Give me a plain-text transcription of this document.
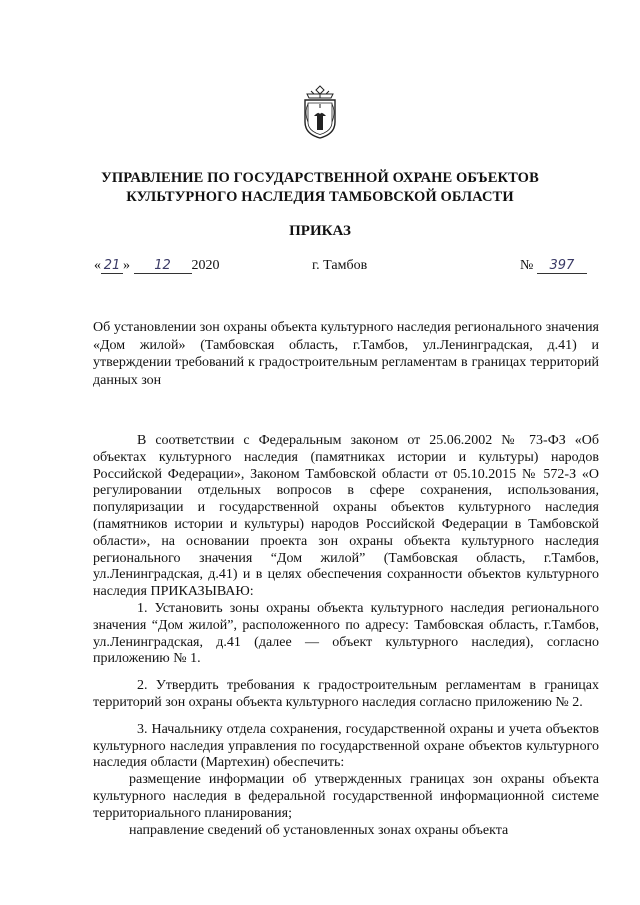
УПРАВЛЕНИЕ ПО ГОСУДАРСТВЕННОЙ ОХРАНЕ ОБЪЕКТОВ
КУЛЬТУРНОГО НАСЛЕДИЯ ТАМБОВСКОЙ ОБЛАСТИ
ПРИКАЗ
« 21 » 12 2020	г. Тамбов	№ 397
Об установлении зон охраны объекта культурного наследия регионального значения «Дом жилой» (Тамбовская область, г.Тамбов, ул.Ленинградская, д.41) и утверждении требований к градостроительным регламентам в границах территорий данных зон

В соответствии с Федеральным законом от 25.06.2002 № 73-ФЗ «Об объектах культурного наследия (памятниках истории и культуры) народов Российской Федерации», Законом Тамбовской области от 05.10.2015 № 572-З «О регулировании отдельных вопросов в сфере сохранения, использования, популяризации и государственной охраны объектов культурного наследия (памятников истории и культуры) народов Российской Федерации в Тамбовской области», на основании проекта зон охраны объекта культурного наследия регионального значения “Дом жилой” (Тамбовская область, г.Тамбов, ул.Ленинградская, д.41) и в целях обеспечения сохранности объектов культурного наследия ПРИКАЗЫВАЮ:

1. Установить зоны охраны объекта культурного наследия регионального значения “Дом жилой”, расположенного по адресу: Тамбовская область, г.Тамбов, ул.Ленинградская, д.41 (далее — объект культурного наследия), согласно приложению № 1.

2. Утвердить требования к градостроительным регламентам в границах территорий зон охраны объекта культурного наследия согласно приложению № 2.

3. Начальнику отдела сохранения, государственной охраны и учета объектов культурного наследия управления по государственной охране объектов культурного наследия области (Мартехин) обеспечить:

размещение информации об утвержденных границах зон охраны объекта культурного наследия в федеральной государственной информационной системе территориального планирования;

направление сведений об установленных зонах охраны объекта
